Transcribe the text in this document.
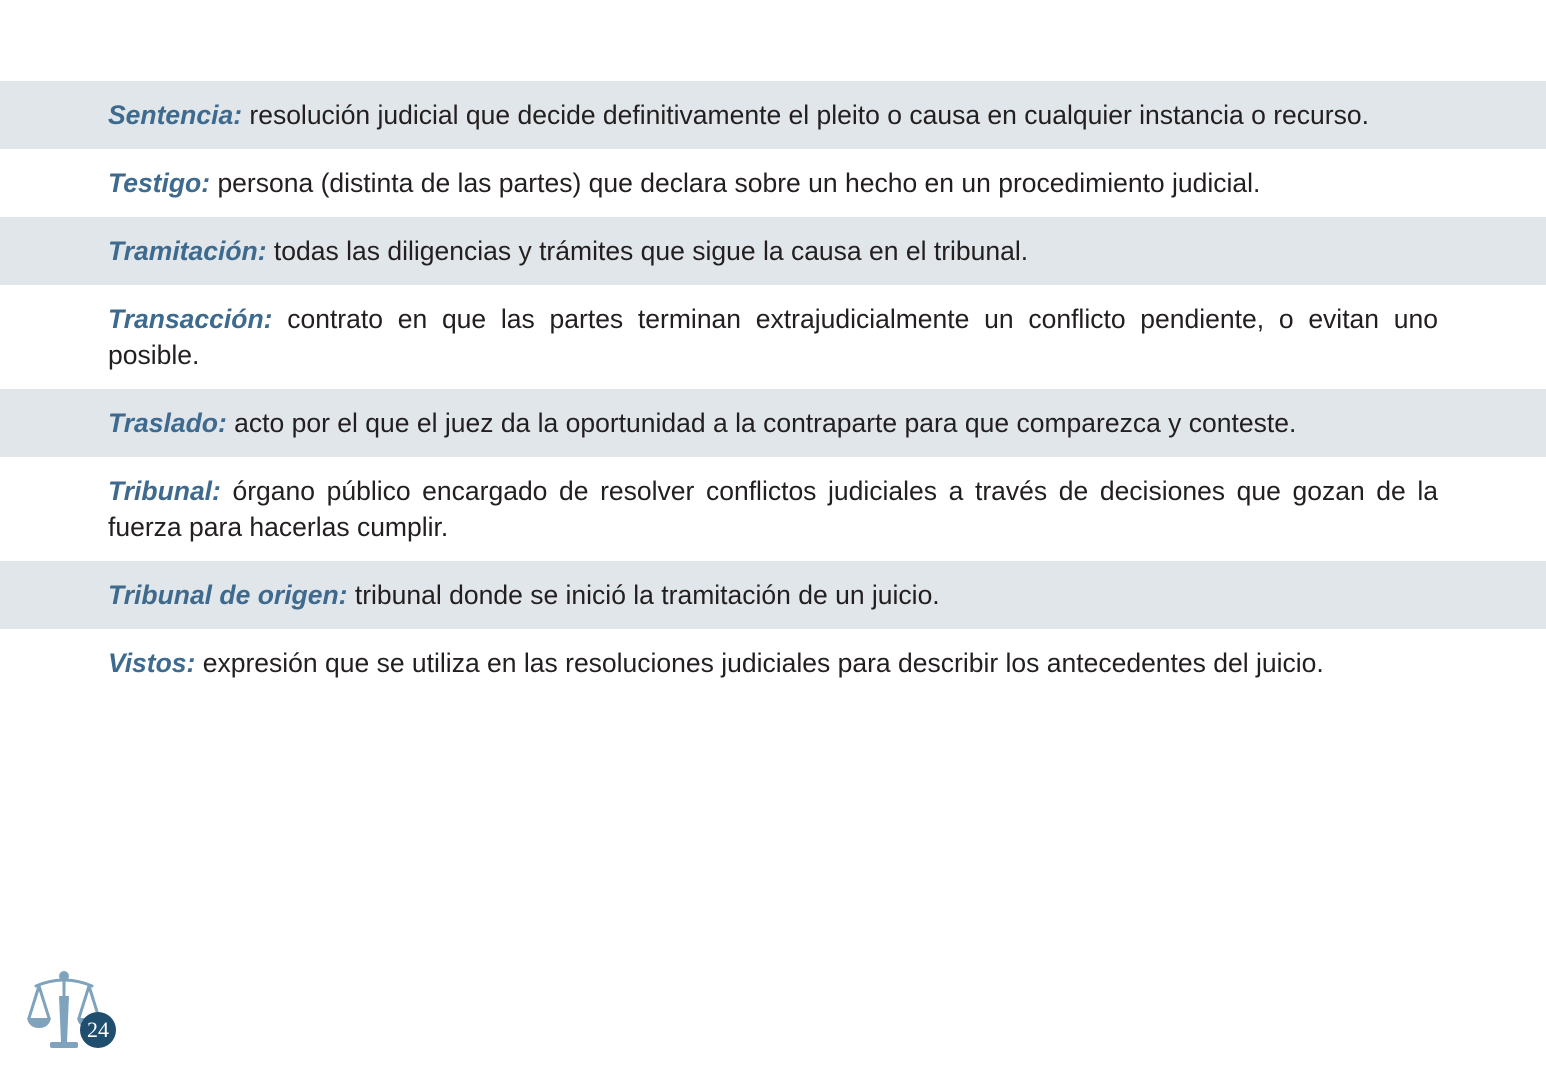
Sentencia: resolución judicial que decide definitivamente el pleito o causa en cualquier instancia o recurso.
Testigo: persona (distinta de las partes) que declara sobre un hecho en un procedimiento judicial.
Tramitación: todas las diligencias y trámites que sigue la causa en el tribunal.
Transacción: contrato en que las partes terminan extrajudicialmente un conflicto pendiente, o evitan uno posible.
Traslado: acto por el que el juez da la oportunidad a la contraparte para que comparezca y conteste.
Tribunal: órgano público encargado de resolver conflictos judiciales a través de decisiones que gozan de la fuerza para hacerlas cumplir.
Tribunal de origen: tribunal donde se inició la tramitación de un juicio.
Vistos: expresión que se utiliza en las resoluciones judiciales para describir los antecedentes del juicio.
24
